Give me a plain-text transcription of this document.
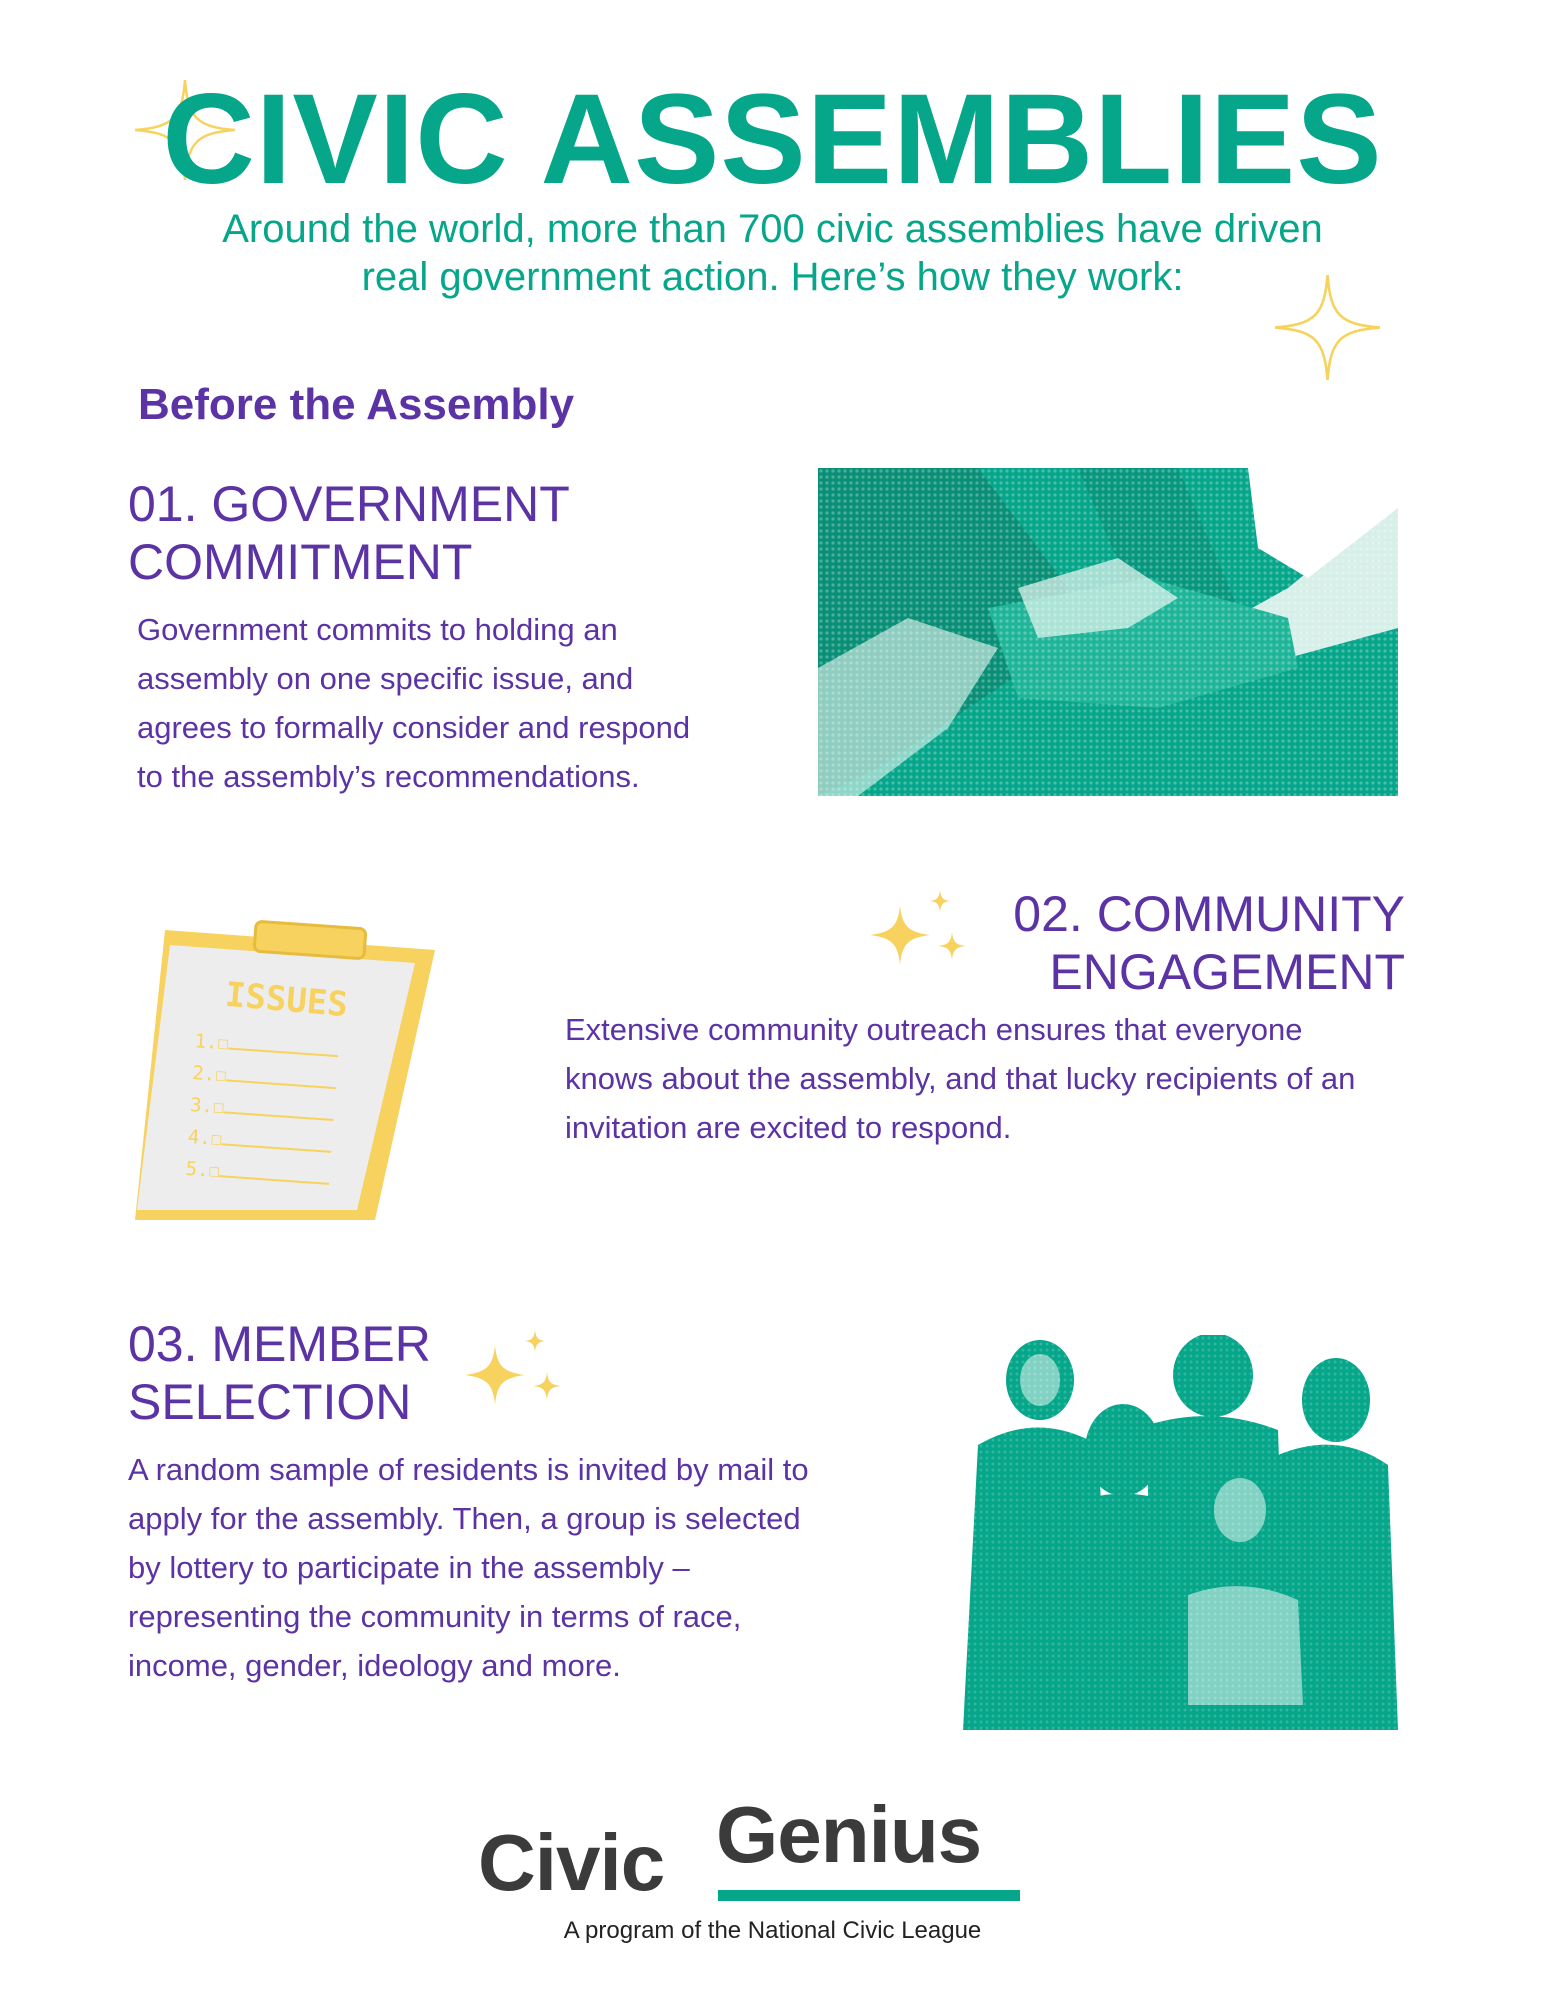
CIVIC ASSEMBLIES
Around the world, more than 700 civic assemblies have driven
real government action. Here’s how they work:
Before the Assembly
01. GOVERNMENT
COMMITMENT
Government commits to holding an
assembly on one specific issue, and
agrees to formally consider and respond
to the assembly’s recommendations.
ISSUES
1.☐
2.☐
3.☐
4.☐
5.☐
02. COMMUNITY
ENGAGEMENT
Extensive community outreach ensures that everyone
knows about the assembly, and that lucky recipients of an
invitation are excited to respond.
03. MEMBER
SELECTION
A random sample of residents is invited by mail to
apply for the assembly. Then, a group is selected
by lottery to participate in the assembly –
representing the community in terms of race,
income, gender, ideology and more.
Civic Genius
A program of the National Civic League
